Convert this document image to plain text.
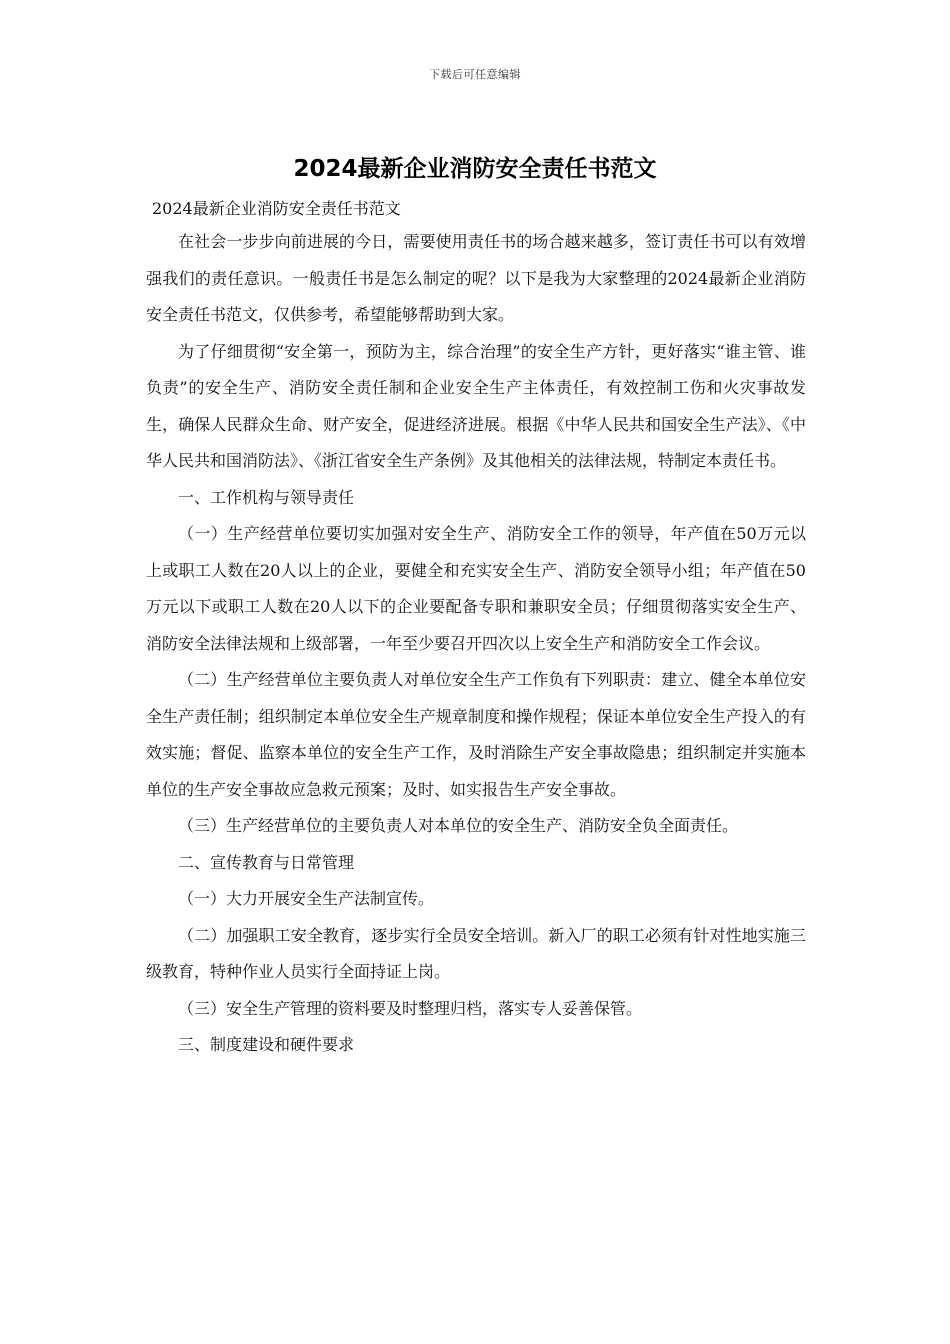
下载后可任意编辑
2024最新企业消防安全责任书范文

2024最新企业消防安全责任书范文

在社会一步步向前进展的今日，需要使用责任书的场合越来越多，签订责任书可以有效增强我们的责任意识。一般责任书是怎么制定的呢？以下是我为大家整理的2024最新企业消防安全责任书范文，仅供参考，希望能够帮助到大家。

为了仔细贯彻“安全第一，预防为主，综合治理”的安全生产方针，更好落实“谁主管、谁负责”的安全生产、消防安全责任制和企业安全生产主体责任，有效控制工伤和火灾事故发生，确保人民群众生命、财产安全，促进经济进展。根据《中华人民共和国安全生产法》、《中华人民共和国消防法》、《浙江省安全生产条例》及其他相关的法律法规，特制定本责任书。

一、工作机构与领导责任

（一）生产经营单位要切实加强对安全生产、消防安全工作的领导，年产值在50万元以上或职工人数在20人以上的企业，要健全和充实安全生产、消防安全领导小组；年产值在50万元以下或职工人数在20人以下的企业要配备专职和兼职安全员；仔细贯彻落实安全生产、消防安全法律法规和上级部署，一年至少要召开四次以上安全生产和消防安全工作会议。

（二）生产经营单位主要负责人对单位安全生产工作负有下列职责：建立、健全本单位安全生产责任制；组织制定本单位安全生产规章制度和操作规程；保证本单位安全生产投入的有效实施；督促、监察本单位的安全生产工作，及时消除生产安全事故隐患；组织制定并实施本单位的生产安全事故应急救元预案；及时、如实报告生产安全事故。

（三）生产经营单位的主要负责人对本单位的安全生产、消防安全负全面责任。

二、宣传教育与日常管理

（一）大力开展安全生产法制宣传。

（二）加强职工安全教育，逐步实行全员安全培训。新入厂的职工必须有针对性地实施三级教育，特种作业人员实行全面持证上岗。

（三）安全生产管理的资料要及时整理归档，落实专人妥善保管。

三、制度建设和硬件要求
